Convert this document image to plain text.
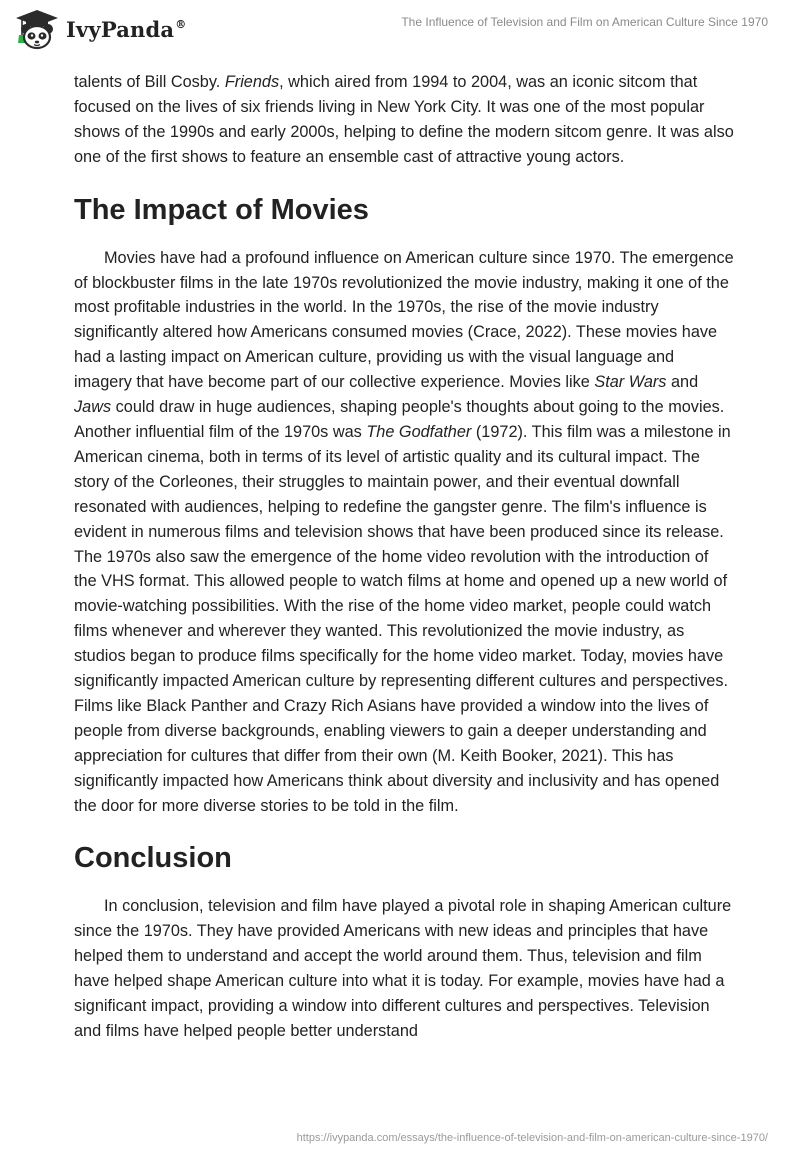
IvyPanda®	The Influence of Television and Film on American Culture Since 1970

talents of Bill Cosby. Friends, which aired from 1994 to 2004, was an iconic sitcom that focused on the lives of six friends living in New York City. It was one of the most popular shows of the 1990s and early 2000s, helping to define the modern sitcom genre. It was also one of the first shows to feature an ensemble cast of attractive young actors.

The Impact of Movies

Movies have had a profound influence on American culture since 1970. The emergence of blockbuster films in the late 1970s revolutionized the movie industry, making it one of the most profitable industries in the world. In the 1970s, the rise of the movie industry significantly altered how Americans consumed movies (Crace, 2022). These movies have had a lasting impact on American culture, providing us with the visual language and imagery that have become part of our collective experience. Movies like Star Wars and Jaws could draw in huge audiences, shaping people's thoughts about going to the movies. Another influential film of the 1970s was The Godfather (1972). This film was a milestone in American cinema, both in terms of its level of artistic quality and its cultural impact. The story of the Corleones, their struggles to maintain power, and their eventual downfall resonated with audiences, helping to redefine the gangster genre. The film's influence is evident in numerous films and television shows that have been produced since its release. The 1970s also saw the emergence of the home video revolution with the introduction of the VHS format. This allowed people to watch films at home and opened up a new world of movie-watching possibilities. With the rise of the home video market, people could watch films whenever and wherever they wanted. This revolutionized the movie industry, as studios began to produce films specifically for the home video market. Today, movies have significantly impacted American culture by representing different cultures and perspectives. Films like Black Panther and Crazy Rich Asians have provided a window into the lives of people from diverse backgrounds, enabling viewers to gain a deeper understanding and appreciation for cultures that differ from their own (M. Keith Booker, 2021). This has significantly impacted how Americans think about diversity and inclusivity and has opened the door for more diverse stories to be told in the film.

Conclusion

In conclusion, television and film have played a pivotal role in shaping American culture since the 1970s. They have provided Americans with new ideas and principles that have helped them to understand and accept the world around them. Thus, television and film have helped shape American culture into what it is today. For example, movies have had a significant impact, providing a window into different cultures and perspectives. Television and films have helped people better understand

https://ivypanda.com/essays/the-influence-of-television-and-film-on-american-culture-since-1970/
